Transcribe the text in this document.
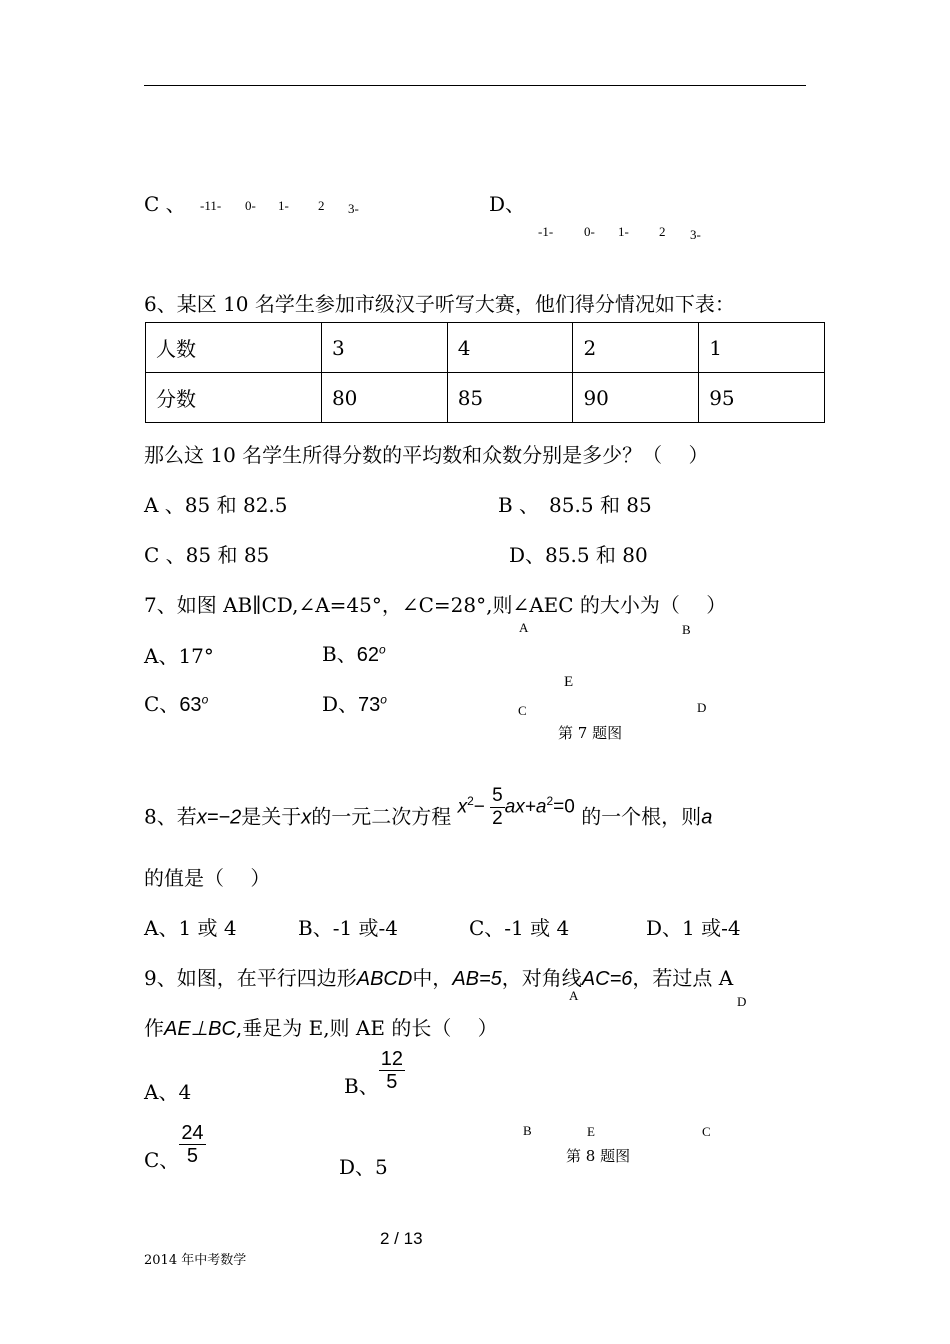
C 、 -11- 0- 1- 2 3-	D、
-1- 0- 1- 2 3-
6、某区 10 名学生参加市级汉子听写大赛，他们得分情况如下表：
人数	3	4	2	1
分数	80	85	90	95
那么这 10 名学生所得分数的平均数和众数分别是多少？（　 ）
A 、85 和 82.5	B 、　85.5 和 85
C 、85 和 85	D、85.5 和 80
7、如图 AB∥CD,∠A=45°，∠C=28°,则∠AEC 的大小为（　 ）
A、17°	B、62$^o$
C、63$^o$	D、73$^o$
A	B
E
C	D
第 7 题图
8、若x=−2是关于x的一元二次方程 $x^2- \frac{5}{2} ax+a^2=0$ 的一个根，则a
的值是（　 ）
A、1 或 4	B、-1 或-4	C、-1 或 4	D、1 或-4
9、如图，在平行四边形ABCD中，AB=5，对角线AC=6，若过点 A
作AE⊥BC,垂足为 E,则 AE 的长（　 ）
A	D
A、4	B、 $\frac{12}{5}$
C、 $\frac{24}{5}$	D、5
B	E	C
第 8 题图
2 / 13
2014 年中考数学
